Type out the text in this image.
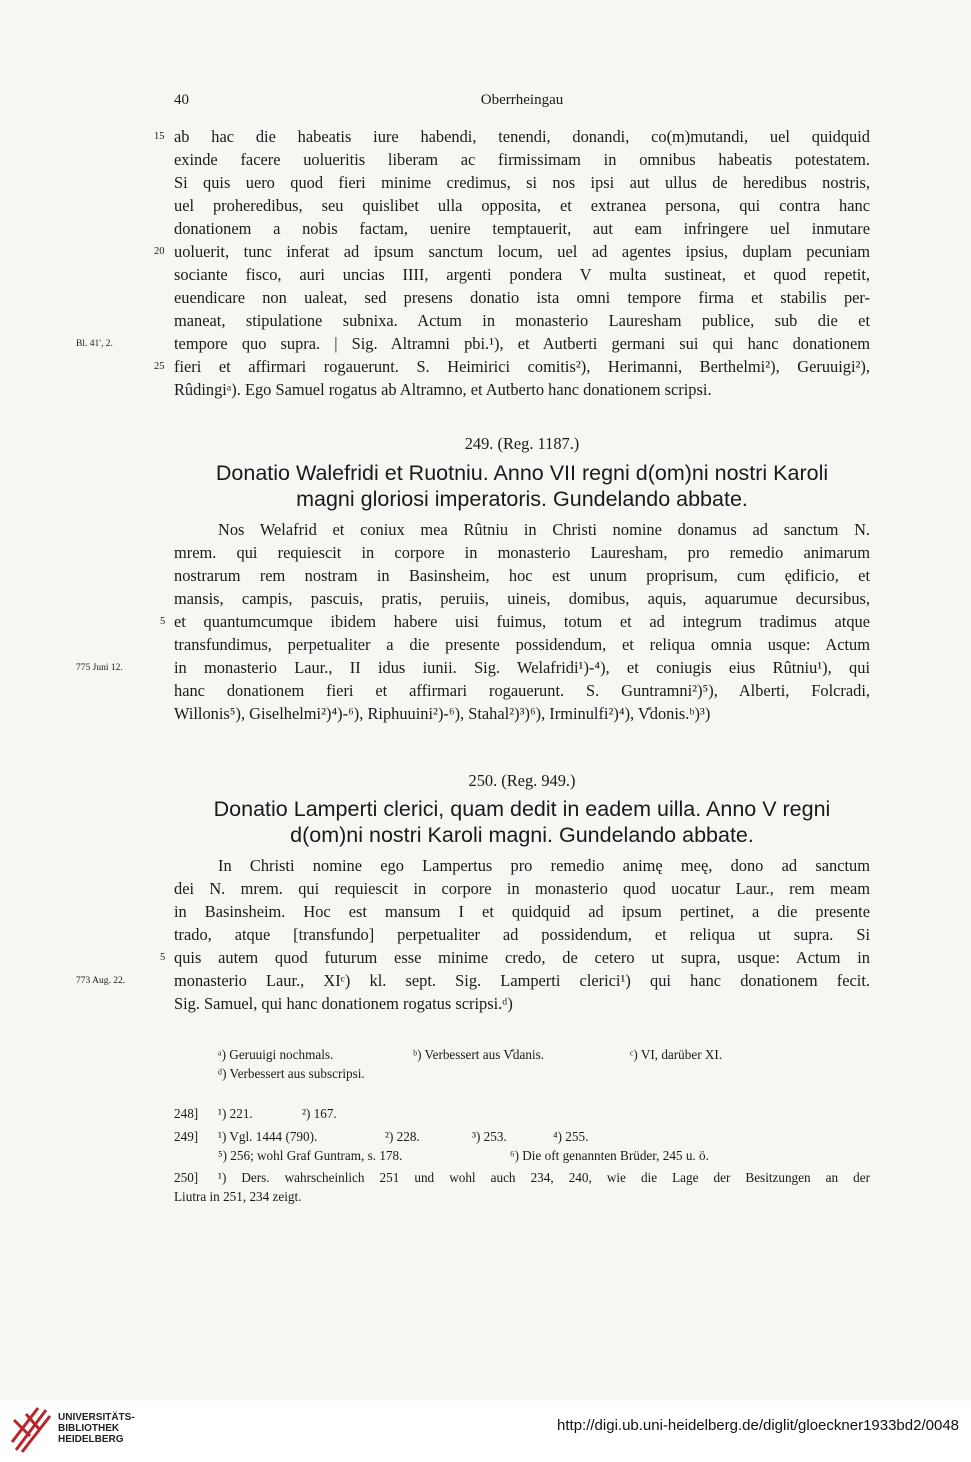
40	Oberrheingau
15 ab hac die habeatis iure habendi, tenendi, donandi, co(m)mutandi, uel quidquid
exinde facere uolueritis liberam ac firmissimam in omnibus habeatis potestatem.
Si quis uero quod fieri minime credimus, si nos ipsi aut ullus de heredibus nostris,
uel proheredibus, seu quislibet ulla opposita, et extranea persona, qui contra hanc
donationem a nobis factam, uenire temptauerit, aut eam infringere uel inmutare
20 uoluerit, tunc inferat ad ipsum sanctum locum, uel ad agentes ipsius, duplam pecuniam
sociante fisco, auri uncias IIII, argenti pondera V multa sustineat, et quod repetit,
euendicare non ualeat, sed presens donatio ista omni tempore firma et stabilis per-
maneat, stipulatione subnixa. Actum in monasterio Lauresham publice, sub die et
Bl. 41', 2.	tempore quo supra. | Sig. Altramni pbi.¹), et Autberti germani sui qui hanc donationem
25 fieri et affirmari rogauerunt. S. Heimirici comitis²), Herimanni, Berthelmi²), Geruuigi²),
Rûdingiᵃ). Ego Samuel rogatus ab Altramno, et Autberto hanc donationem scripsi.
249. (Reg. 1187.)
Donatio Walefridi et Ruotniu. Anno VII regni d(om)ni nostri Karoli
magni gloriosi imperatoris. Gundelando abbate.
Nos Welafrid et coniux mea Rûtniu in Christi nomine donamus ad sanctum N.
mrem. qui requiescit in corpore in monasterio Lauresham, pro remedio animarum
nostrarum rem nostram in Basinsheim, hoc est unum proprisum, cum ędificio, et
mansis, campis, pascuis, pratis, peruiis, uineis, domibus, aquis, aquarumue decursibus,
5 et quantumcumque ibidem habere uisi fuimus, totum et ad integrum tradimus atque
transfundimus, perpetualiter a die presente possidendum, et reliqua omnia usque: Actum
775 Juni 12.	in monasterio Laur., II idus iunii. Sig. Welafridi¹)-⁴), et coniugis eius Rûtniu¹), qui
hanc donationem fieri et affirmari rogauerunt. S. Guntramni²)⁵), Alberti, Folcradi,
Willonis⁵), Giselhelmi²)⁴)-⁶), Riphuuini²)-⁶), Stahal²)³)⁶), Irminulfi²)⁴), V̊donis.ᵇ)³)
250. (Reg. 949.)
Donatio Lamperti clerici, quam dedit in eadem uilla. Anno V regni
d(om)ni nostri Karoli magni. Gundelando abbate.
In Christi nomine ego Lampertus pro remedio animę meę, dono ad sanctum
dei N. mrem. qui requiescit in corpore in monasterio quod uocatur Laur., rem meam
in Basinsheim. Hoc est mansum I et quidquid ad ipsum pertinet, a die presente
trado, atque [transfundo] perpetualiter ad possidendum, et reliqua ut supra. Si
5 quis autem quod futurum esse minime credo, de cetero ut supra, usque: Actum in
773 Aug. 22.	monasterio Laur., XIᶜ) kl. sept. Sig. Lamperti clerici¹) qui hanc donationem fecit.
Sig. Samuel, qui hanc donationem rogatus scripsi.ᵈ)
ᵃ) Geruuigi nochmals.	ᵇ) Verbessert aus V̊danis.	ᶜ) VI, darüber XI.
ᵈ) Verbessert aus subscripsi.
248] ¹) 221.	²) 167.
249] ¹) Vgl. 1444 (790).	²) 228.	³) 253.	⁴) 255.
⁵) 256; wohl Graf Guntram, s. 178.	⁶) Die oft genannten Brüder, 245 u. ö.
250] ¹) Ders. wahrscheinlich 251 und wohl auch 234, 240, wie die Lage der Besitzungen an der
Liutra in 251, 234 zeigt.
UNIVERSITÄTS-
BIBLIOTHEK
HEIDELBERG
http://digi.ub.uni-heidelberg.de/diglit/gloeckner1933bd2/0048
